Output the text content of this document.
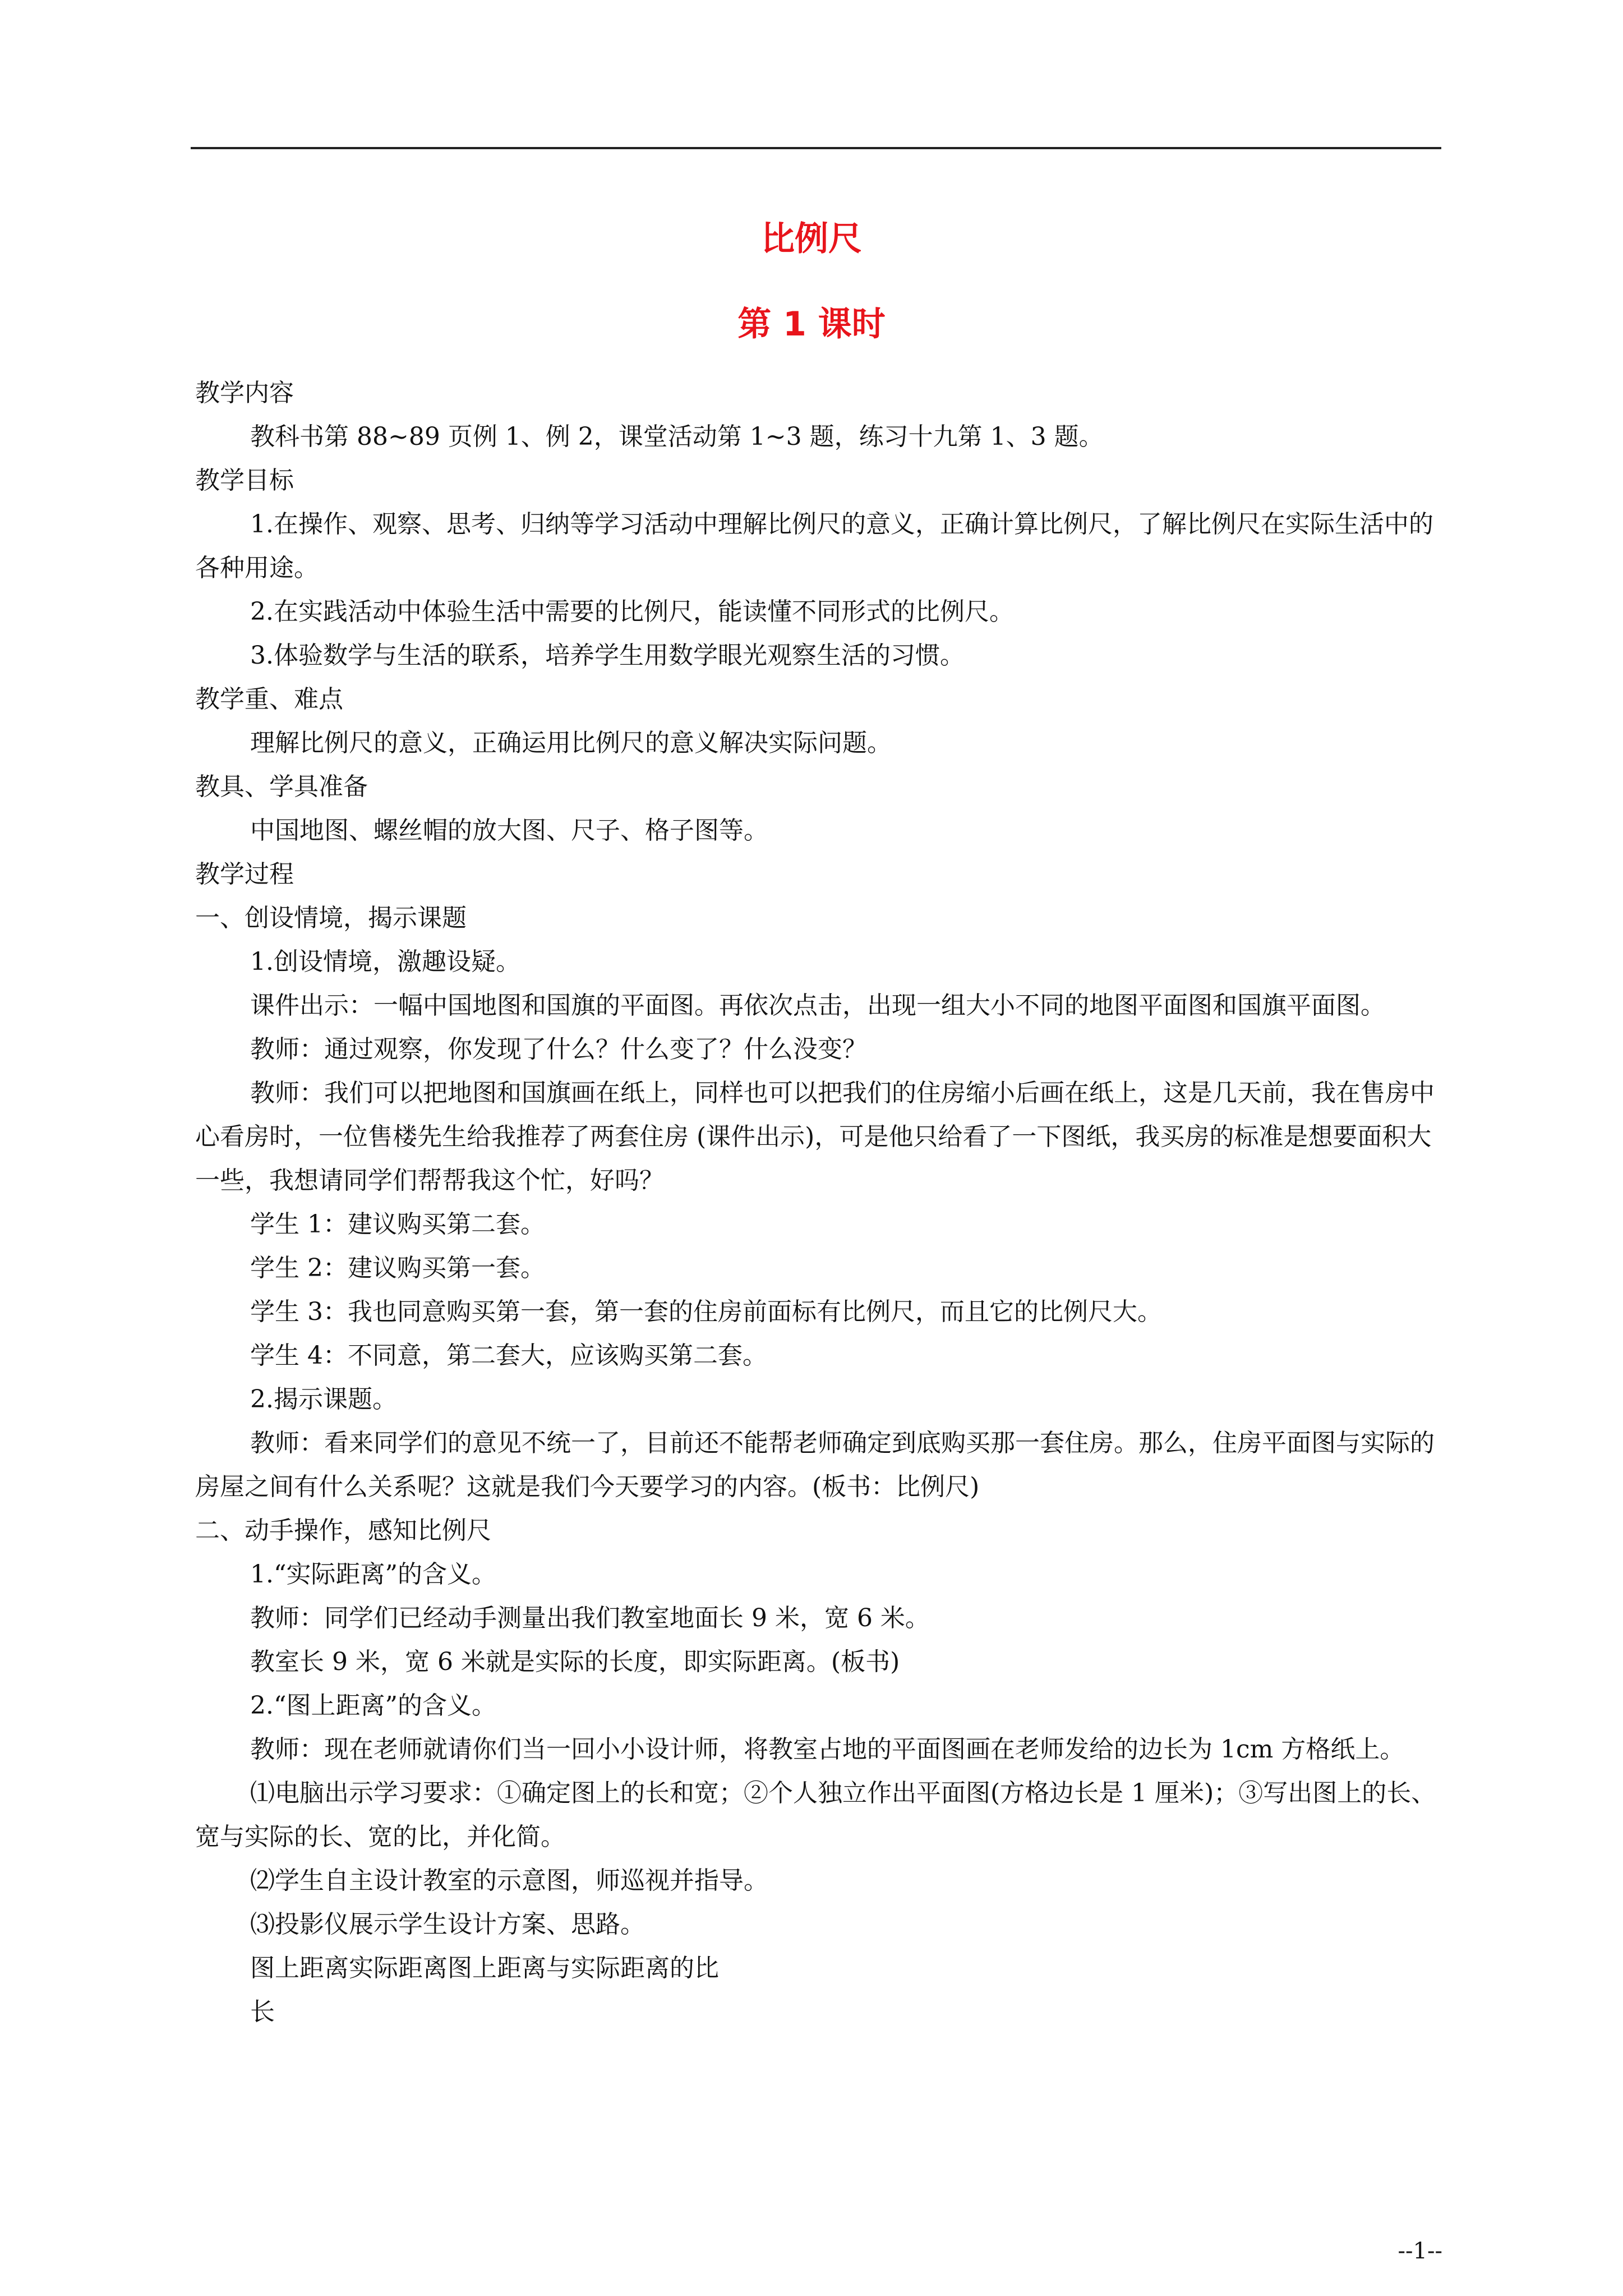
比例尺
第 1 课时

教学内容

教科书第 88~89 页例 1、例 2，课堂活动第 1~3 题，练习十九第 1、3 题。

教学目标

1.在操作、观察、思考、归纳等学习活动中理解比例尺的意义，正确计算比例尺，了解比例尺在实际生活中的各种用途。

2.在实践活动中体验生活中需要的比例尺，能读懂不同形式的比例尺。

3.体验数学与生活的联系，培养学生用数学眼光观察生活的习惯。

教学重、难点

理解比例尺的意义，正确运用比例尺的意义解决实际问题。

教具、学具准备

中国地图、螺丝帽的放大图、尺子、格子图等。

教学过程

一、创设情境，揭示课题

1.创设情境，激趣设疑。

课件出示：一幅中国地图和国旗的平面图。再依次点击，出现一组大小不同的地图平面图和国旗平面图。

教师：通过观察，你发现了什么？什么变了？什么没变？

教师：我们可以把地图和国旗画在纸上，同样也可以把我们的住房缩小后画在纸上，这是几天前，我在售房中心看房时，一位售楼先生给我推荐了两套住房 (课件出示)，可是他只给看了一下图纸，我买房的标准是想要面积大一些，我想请同学们帮帮我这个忙，好吗？

学生 1：建议购买第二套。

学生 2：建议购买第一套。

学生 3：我也同意购买第一套，第一套的住房前面标有比例尺，而且它的比例尺大。

学生 4：不同意，第二套大，应该购买第二套。

2.揭示课题。

教师：看来同学们的意见不统一了，目前还不能帮老师确定到底购买那一套住房。那么，住房平面图与实际的房屋之间有什么关系呢？这就是我们今天要学习的内容。(板书：比例尺)

二、动手操作，感知比例尺

1.“实际距离”的含义。

教师：同学们已经动手测量出我们教室地面长 9 米，宽 6 米。

教室长 9 米，宽 6 米就是实际的长度，即实际距离。(板书)

2.“图上距离”的含义。

教师：现在老师就请你们当一回小小设计师，将教室占地的平面图画在老师发给的边长为 1cm 方格纸上。

⑴电脑出示学习要求：①确定图上的长和宽；②个人独立作出平面图(方格边长是 1 厘米)；③写出图上的长、宽与实际的长、宽的比，并化简。

⑵学生自主设计教室的示意图，师巡视并指导。

⑶投影仪展示学生设计方案、思路。

图上距离实际距离图上距离与实际距离的比

长

--1--
